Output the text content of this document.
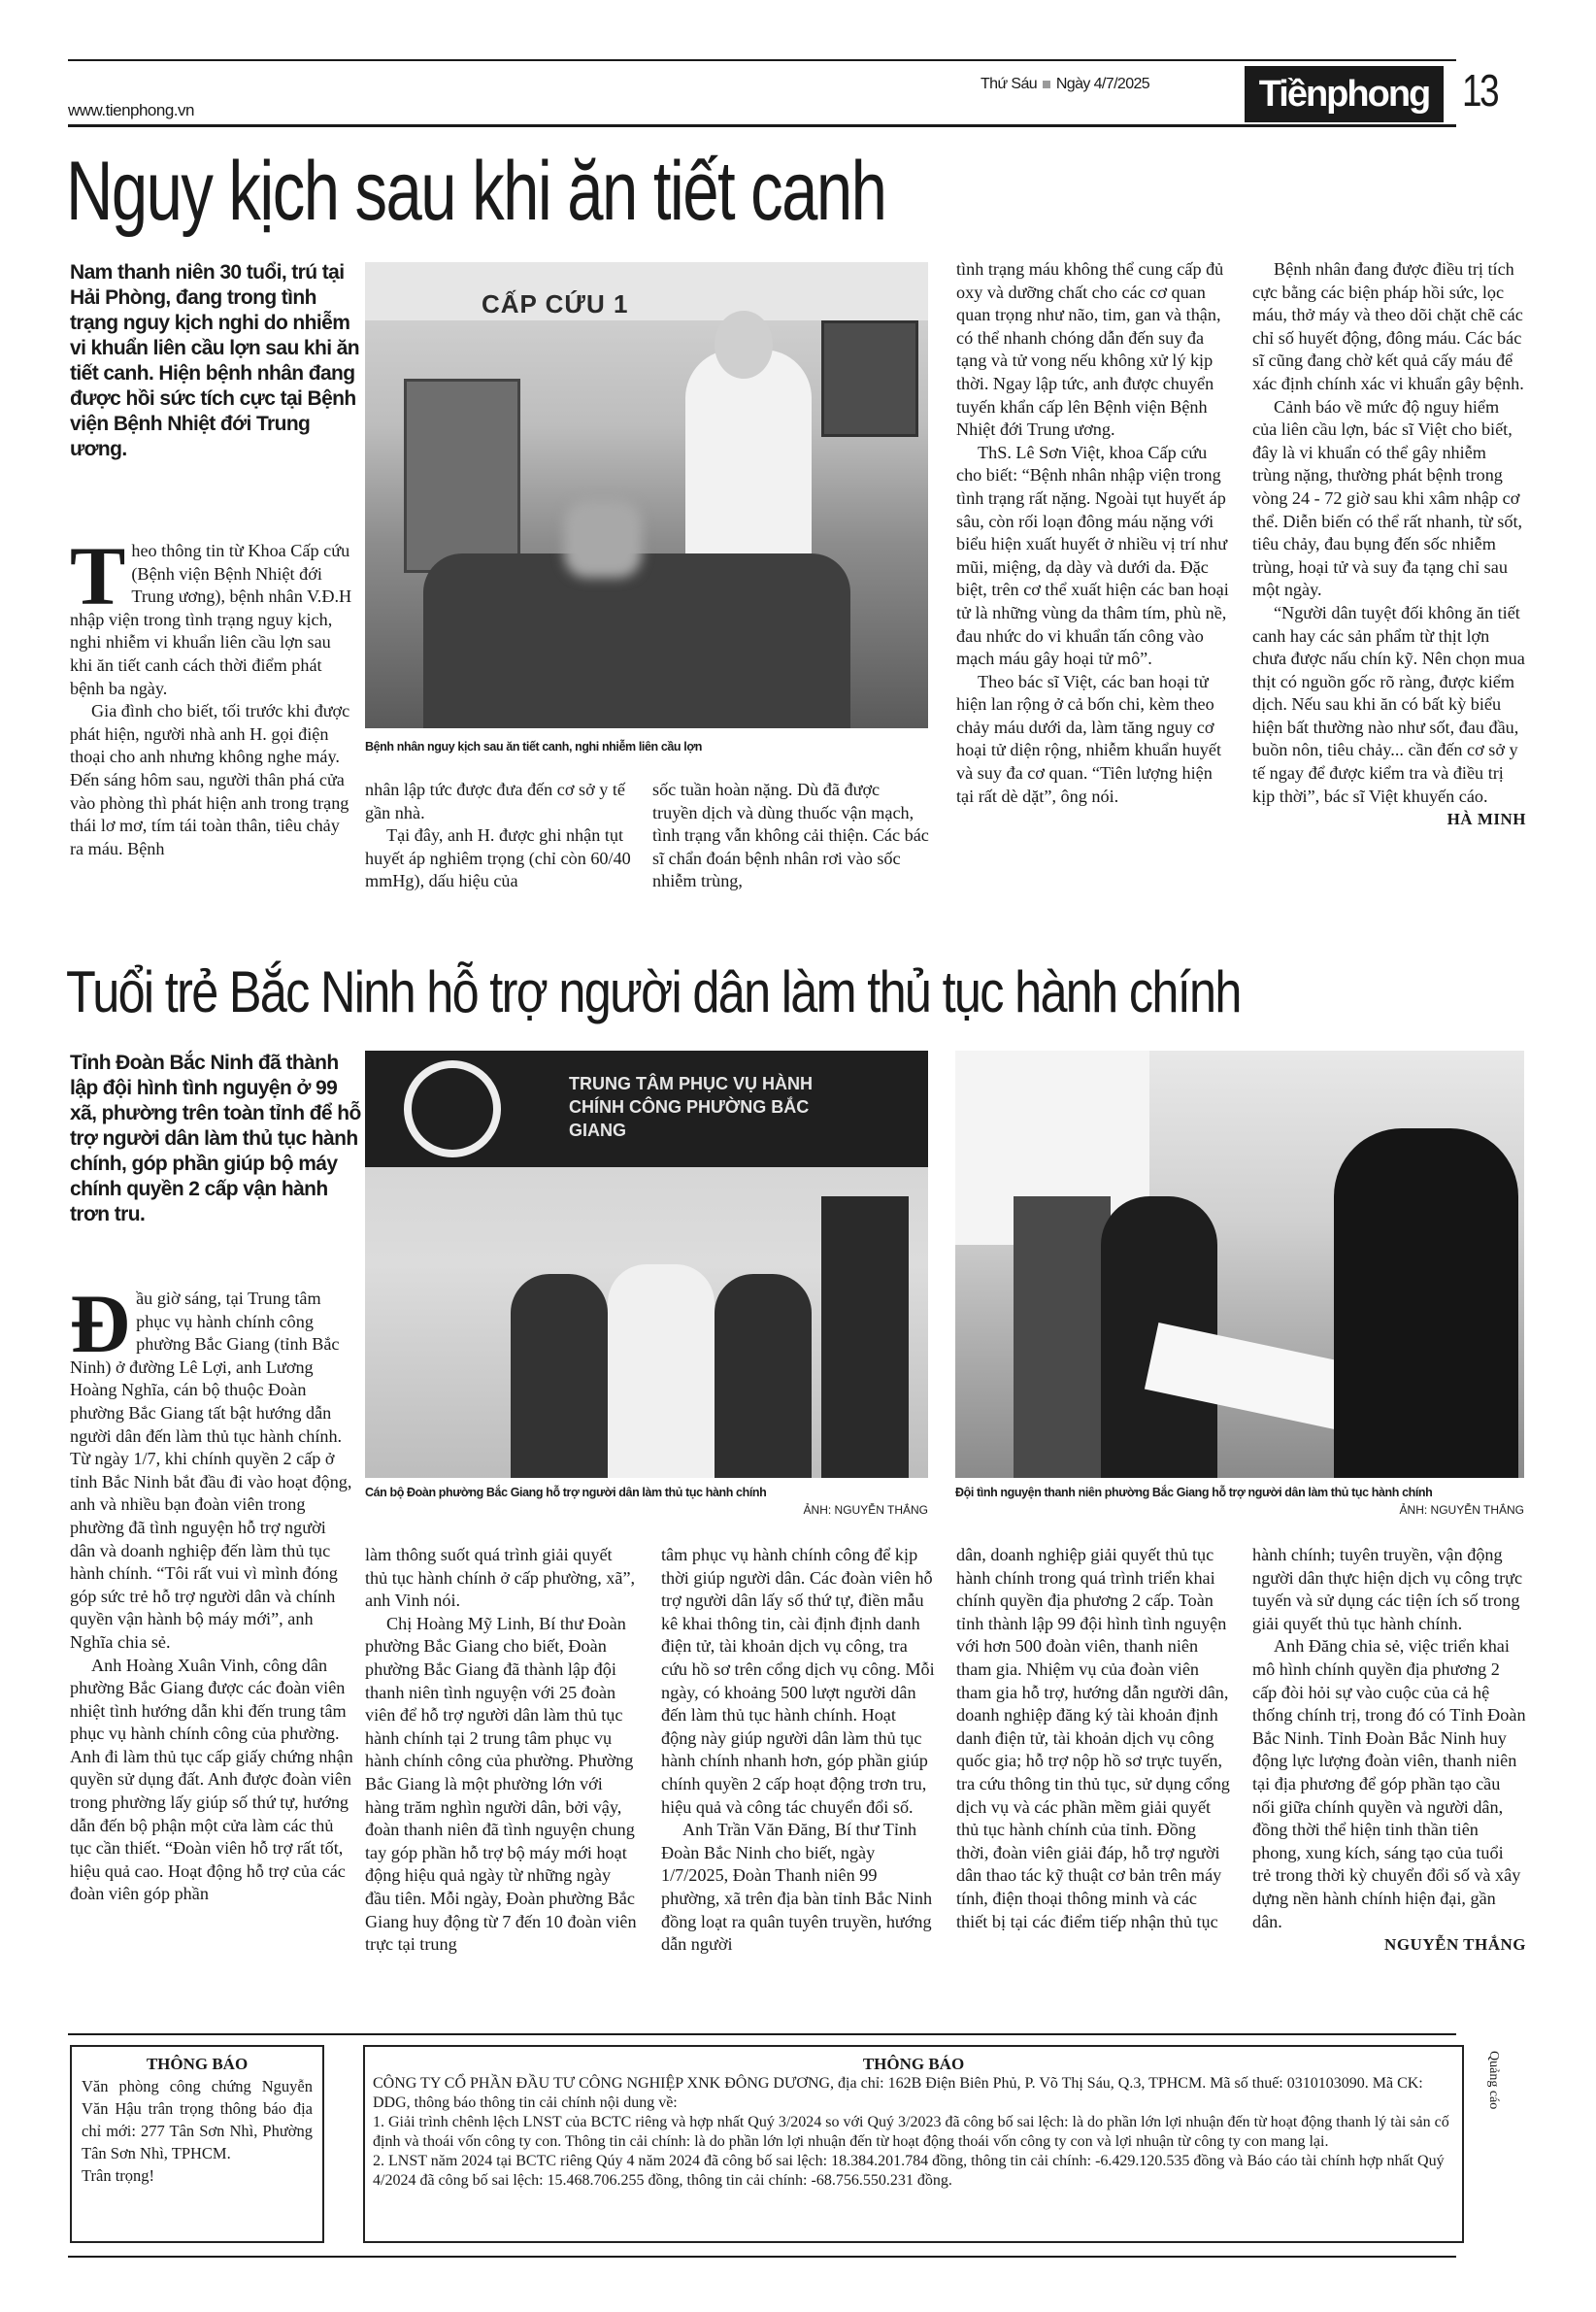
www.tienphong.vn
Thứ Sáu Ngày 4/7/2025	Tiềnphong 13
Nguy kịch sau khi ăn tiết canh
Nam thanh niên 30 tuổi, trú tại Hải Phòng, đang trong tình trạng nguy kịch nghi do nhiễm vi khuẩn liên cầu lợn sau khi ăn tiết canh. Hiện bệnh nhân đang được hồi sức tích cực tại Bệnh viện Bệnh Nhiệt đới Trung ương.
CẤP CỨU 1
Bệnh nhân nguy kịch sau ăn tiết canh, nghi nhiễm liên cầu lợn

Theo thông tin từ Khoa Cấp cứu (Bệnh viện Bệnh Nhiệt đới Trung ương), bệnh nhân V.Đ.H nhập viện trong tình trạng nguy kịch, nghi nhiễm vi khuẩn liên cầu lợn sau khi ăn tiết canh cách thời điểm phát bệnh ba ngày.

Gia đình cho biết, tối trước khi được phát hiện, người nhà anh H. gọi điện thoại cho anh nhưng không nghe máy. Đến sáng hôm sau, người thân phá cửa vào phòng thì phát hiện anh trong trạng thái lơ mơ, tím tái toàn thân, tiêu chảy ra máu. Bệnh

nhân lập tức được đưa đến cơ sở y tế gần nhà.

Tại đây, anh H. được ghi nhận tụt huyết áp nghiêm trọng (chỉ còn 60/40 mmHg), dấu hiệu của

sốc tuần hoàn nặng. Dù đã được truyền dịch và dùng thuốc vận mạch, tình trạng vẫn không cải thiện. Các bác sĩ chẩn đoán bệnh nhân rơi vào sốc nhiễm trùng,

tình trạng máu không thể cung cấp đủ oxy và dưỡng chất cho các cơ quan quan trọng như não, tim, gan và thận, có thể nhanh chóng dẫn đến suy đa tạng và tử vong nếu không xử lý kịp thời. Ngay lập tức, anh được chuyển tuyến khẩn cấp lên Bệnh viện Bệnh Nhiệt đới Trung ương.

ThS. Lê Sơn Việt, khoa Cấp cứu cho biết: “Bệnh nhân nhập viện trong tình trạng rất nặng. Ngoài tụt huyết áp sâu, còn rối loạn đông máu nặng với biểu hiện xuất huyết ở nhiều vị trí như mũi, miệng, dạ dày và dưới da. Đặc biệt, trên cơ thể xuất hiện các ban hoại tử là những vùng da thâm tím, phù nề, đau nhức do vi khuẩn tấn công vào mạch máu gây hoại tử mô”.

Theo bác sĩ Việt, các ban hoại tử hiện lan rộng ở cả bốn chi, kèm theo chảy máu dưới da, làm tăng nguy cơ hoại tử diện rộng, nhiễm khuẩn huyết và suy đa cơ quan. “Tiên lượng hiện tại rất dè dặt”, ông nói.

Bệnh nhân đang được điều trị tích cực bằng các biện pháp hồi sức, lọc máu, thở máy và theo dõi chặt chẽ các chỉ số huyết động, đông máu. Các bác sĩ cũng đang chờ kết quả cấy máu để xác định chính xác vi khuẩn gây bệnh.

Cảnh báo về mức độ nguy hiểm của liên cầu lợn, bác sĩ Việt cho biết, đây là vi khuẩn có thể gây nhiễm trùng nặng, thường phát bệnh trong vòng 24 - 72 giờ sau khi xâm nhập cơ thể. Diễn biến có thể rất nhanh, từ sốt, tiêu chảy, đau bụng đến sốc nhiễm trùng, hoại tử và suy đa tạng chỉ sau một ngày.

“Người dân tuyệt đối không ăn tiết canh hay các sản phẩm từ thịt lợn chưa được nấu chín kỹ. Nên chọn mua thịt có nguồn gốc rõ ràng, được kiểm dịch. Nếu sau khi ăn có bất kỳ biểu hiện bất thường nào như sốt, đau đầu, buồn nôn, tiêu chảy... cần đến cơ sở y tế ngay để được kiểm tra và điều trị kịp thời”, bác sĩ Việt khuyến cáo.

HÀ MINH
Tuổi trẻ Bắc Ninh hỗ trợ người dân làm thủ tục hành chính
Tỉnh Đoàn Bắc Ninh đã thành lập đội hình tình nguyện ở 99 xã, phường trên toàn tỉnh để hỗ trợ người dân làm thủ tục hành chính, góp phần giúp bộ máy chính quyền 2 cấp vận hành trơn tru.
TRUNG TÂM PHỤC VỤ HÀNH CHÍNH CÔNG PHƯỜNG BẮC GIANG
Cán bộ Đoàn phường Bắc Giang hỗ trợ người dân làm thủ tục hành chính
ẢNH: NGUYỄN THẮNG
Đội tình nguyện thanh niên phường Bắc Giang hỗ trợ người dân làm thủ tục hành chính
ẢNH: NGUYỄN THẮNG

Đầu giờ sáng, tại Trung tâm phục vụ hành chính công phường Bắc Giang (tỉnh Bắc Ninh) ở đường Lê Lợi, anh Lương Hoàng Nghĩa, cán bộ thuộc Đoàn phường Bắc Giang tất bật hướng dẫn người dân đến làm thủ tục hành chính. Từ ngày 1/7, khi chính quyền 2 cấp ở tỉnh Bắc Ninh bắt đầu đi vào hoạt động, anh và nhiều bạn đoàn viên trong phường đã tình nguyện hỗ trợ người dân và doanh nghiệp đến làm thủ tục hành chính. “Tôi rất vui vì mình đóng góp sức trẻ hỗ trợ người dân và chính quyền vận hành bộ máy mới”, anh Nghĩa chia sẻ.

Anh Hoàng Xuân Vinh, công dân phường Bắc Giang được các đoàn viên nhiệt tình hướng dẫn khi đến trung tâm phục vụ hành chính công của phường. Anh đi làm thủ tục cấp giấy chứng nhận quyền sử dụng đất. Anh được đoàn viên trong phường lấy giúp số thứ tự, hướng dẫn đến bộ phận một cửa làm các thủ tục cần thiết. “Đoàn viên hỗ trợ rất tốt, hiệu quả cao. Hoạt động hỗ trợ của các đoàn viên góp phần

làm thông suốt quá trình giải quyết thủ tục hành chính ở cấp phường, xã”, anh Vinh nói.

Chị Hoàng Mỹ Linh, Bí thư Đoàn phường Bắc Giang cho biết, Đoàn phường Bắc Giang đã thành lập đội thanh niên tình nguyện với 25 đoàn viên để hỗ trợ người dân làm thủ tục hành chính tại 2 trung tâm phục vụ hành chính công của phường. Phường Bắc Giang là một phường lớn với hàng trăm nghìn người dân, bởi vậy, đoàn thanh niên đã tình nguyện chung tay góp phần hỗ trợ bộ máy mới hoạt động hiệu quả ngày từ những ngày đầu tiên. Mỗi ngày, Đoàn phường Bắc Giang huy động từ 7 đến 10 đoàn viên trực tại trung

tâm phục vụ hành chính công để kịp thời giúp người dân. Các đoàn viên hỗ trợ người dân lấy số thứ tự, điền mẫu kê khai thông tin, cài định định danh điện tử, tài khoản dịch vụ công, tra cứu hồ sơ trên cổng dịch vụ công. Mỗi ngày, có khoảng 500 lượt người dân đến làm thủ tục hành chính. Hoạt động này giúp người dân làm thủ tục hành chính nhanh hơn, góp phần giúp chính quyền 2 cấp hoạt động trơn tru, hiệu quả và công tác chuyển đổi số.

Anh Trần Văn Đăng, Bí thư Tỉnh Đoàn Bắc Ninh cho biết, ngày 1/7/2025, Đoàn Thanh niên 99 phường, xã trên địa bàn tỉnh Bắc Ninh đồng loạt ra quân tuyên truyền, hướng dẫn người

dân, doanh nghiệp giải quyết thủ tục hành chính trong quá trình triển khai chính quyền địa phương 2 cấp. Toàn tỉnh thành lập 99 đội hình tình nguyện với hơn 500 đoàn viên, thanh niên tham gia. Nhiệm vụ của đoàn viên tham gia hỗ trợ, hướng dẫn người dân, doanh nghiệp đăng ký tài khoản định danh điện tử, tài khoản dịch vụ công quốc gia; hỗ trợ nộp hồ sơ trực tuyến, tra cứu thông tin thủ tục, sử dụng cổng dịch vụ và các phần mềm giải quyết thủ tục hành chính của tỉnh. Đồng thời, đoàn viên giải đáp, hỗ trợ người dân thao tác kỹ thuật cơ bản trên máy tính, điện thoại thông minh và các thiết bị tại các điểm tiếp nhận thủ tục

hành chính; tuyên truyền, vận động người dân thực hiện dịch vụ công trực tuyến và sử dụng các tiện ích số trong giải quyết thủ tục hành chính.

Anh Đăng chia sẻ, việc triển khai mô hình chính quyền địa phương 2 cấp đòi hỏi sự vào cuộc của cả hệ thống chính trị, trong đó có Tỉnh Đoàn Bắc Ninh. Tỉnh Đoàn Bắc Ninh huy động lực lượng đoàn viên, thanh niên tại địa phương để góp phần tạo cầu nối giữa chính quyền và người dân, đồng thời thể hiện tinh thần tiên phong, xung kích, sáng tạo của tuổi trẻ trong thời kỳ chuyển đổi số và xây dựng nền hành chính hiện đại, gần dân.

NGUYỄN THẮNG
THÔNG BÁO
Văn phòng công chứng Nguyễn Văn Hậu trân trọng thông báo địa chỉ mới: 277 Tân Sơn Nhì, Phường Tân Sơn Nhì, TPHCM.
Trân trọng!
THÔNG BÁO
CÔNG TY CỔ PHẦN ĐẦU TƯ CÔNG NGHIỆP XNK ĐÔNG DƯƠNG, địa chỉ: 162B Điện Biên Phủ, P. Võ Thị Sáu, Q.3, TPHCM. Mã số thuế: 0310103090. Mã CK: DDG, thông báo thông tin cải chính nội dung về:
1. Giải trình chênh lệch LNST của BCTC riêng và hợp nhất Quý 3/2024 so với Quý 3/2023 đã công bố sai lệch: là do phần lớn lợi nhuận đến từ hoạt động thanh lý tài sản cố định và thoái vốn công ty con. Thông tin cải chính: là do phần lớn lợi nhuận đến từ hoạt động thoái vốn công ty con và lợi nhuận từ công ty con mang lại.
2. LNST năm 2024 tại BCTC riêng Qúy 4 năm 2024 đã công bố sai lệch: 18.384.201.784 đồng, thông tin cải chính: -6.429.120.535 đồng và Báo cáo tài chính hợp nhất Quý 4/2024 đã công bố sai lệch: 15.468.706.255 đồng, thông tin cải chính: -68.756.550.231 đồng.
Quảng cáo
